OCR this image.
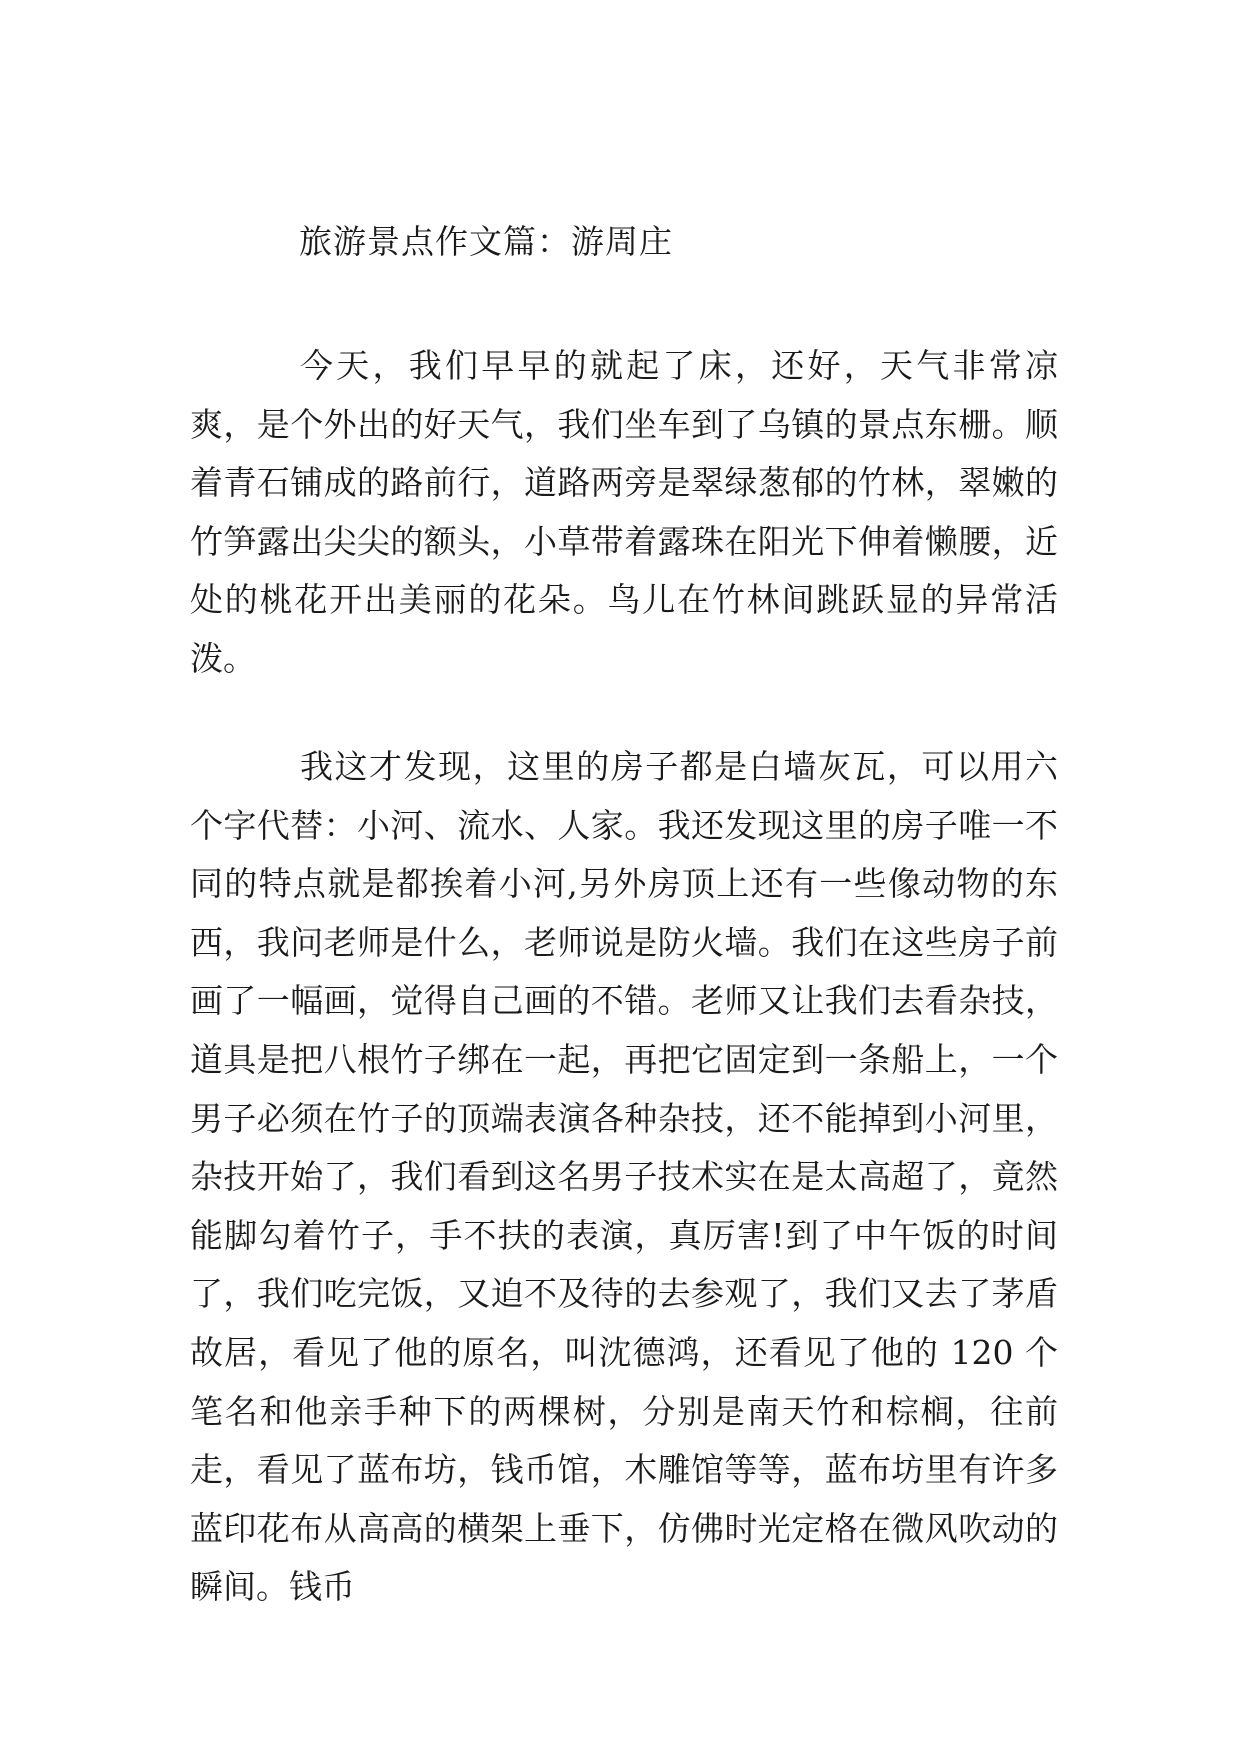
旅游景点作文篇：游周庄

今天，我们早早的就起了床，还好，天气非常凉爽，是个外出的好天气，我们坐车到了乌镇的景点东栅。顺着青石铺成的路前行，道路两旁是翠绿葱郁的竹林，翠嫩的竹笋露出尖尖的额头，小草带着露珠在阳光下伸着懒腰，近处的桃花开出美丽的花朵。鸟儿在竹林间跳跃显的异常活泼。

我这才发现，这里的房子都是白墙灰瓦，可以用六个字代替：小河、流水、人家。我还发现这里的房子唯一不同的特点就是都挨着小河,另外房顶上还有一些像动物的东西，我问老师是什么，老师说是防火墙。我们在这些房子前画了一幅画，觉得自己画的不错。老师又让我们去看杂技，道具是把八根竹子绑在一起，再把它固定到一条船上，一个男子必须在竹子的顶端表演各种杂技，还不能掉到小河里，杂技开始了，我们看到这名男子技术实在是太高超了，竟然能脚勾着竹子，手不扶的表演，真厉害!到了中午饭的时间了，我们吃完饭，又迫不及待的去参观了，我们又去了茅盾故居，看见了他的原名，叫沈德鸿，还看见了他的 120 个笔名和他亲手种下的两棵树，分别是南天竹和棕榈，往前走，看见了蓝布坊，钱币馆，木雕馆等等，蓝布坊里有许多蓝印花布从高高的横架上垂下，仿佛时光定格在微风吹动的瞬间。钱币
